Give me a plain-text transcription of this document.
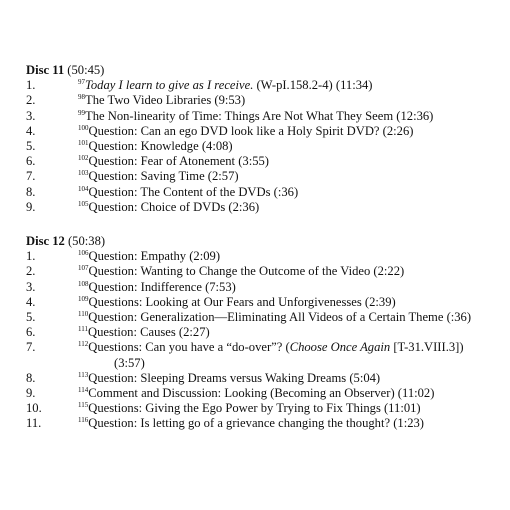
Disc 11 (50:45)
1.	$^{97}$Today I learn to give as I receive. (W-pI.158.2-4) (11:34)
2.	$^{98}$The Two Video Libraries (9:53)
3.	$^{99}$The Non-linearity of Time: Things Are Not What They Seem (12:36)
4.	$^{100}$Question: Can an ego DVD look like a Holy Spirit DVD? (2:26)
5.	$^{101}$Question: Knowledge (4:08)
6.	$^{102}$Question: Fear of Atonement (3:55)
7.	$^{103}$Question: Saving Time (2:57)
8.	$^{104}$Question: The Content of the DVDs (:36)
9.	$^{105}$Question: Choice of DVDs (2:36)
Disc 12 (50:38)
1.	$^{106}$Question: Empathy (2:09)
2.	$^{107}$Question: Wanting to Change the Outcome of the Video (2:22)
3.	$^{108}$Question: Indifference (7:53)
4.	$^{109}$Questions: Looking at Our Fears and Unforgivenesses (2:39)
5.	$^{110}$Question: Generalization—Eliminating All Videos of a Certain Theme (:36)
6.	$^{111}$Question: Causes (2:27)
7.	$^{112}$Questions: Can you have a “do-over”? (Choose Once Again [T-31.VIII.3])
(3:57)
8.	$^{113}$Question: Sleeping Dreams versus Waking Dreams (5:04)
9.	$^{114}$Comment and Discussion: Looking (Becoming an Observer) (11:02)
10.	$^{115}$Questions: Giving the Ego Power by Trying to Fix Things (11:01)
11.	$^{116}$Question: Is letting go of a grievance changing the thought? (1:23)
